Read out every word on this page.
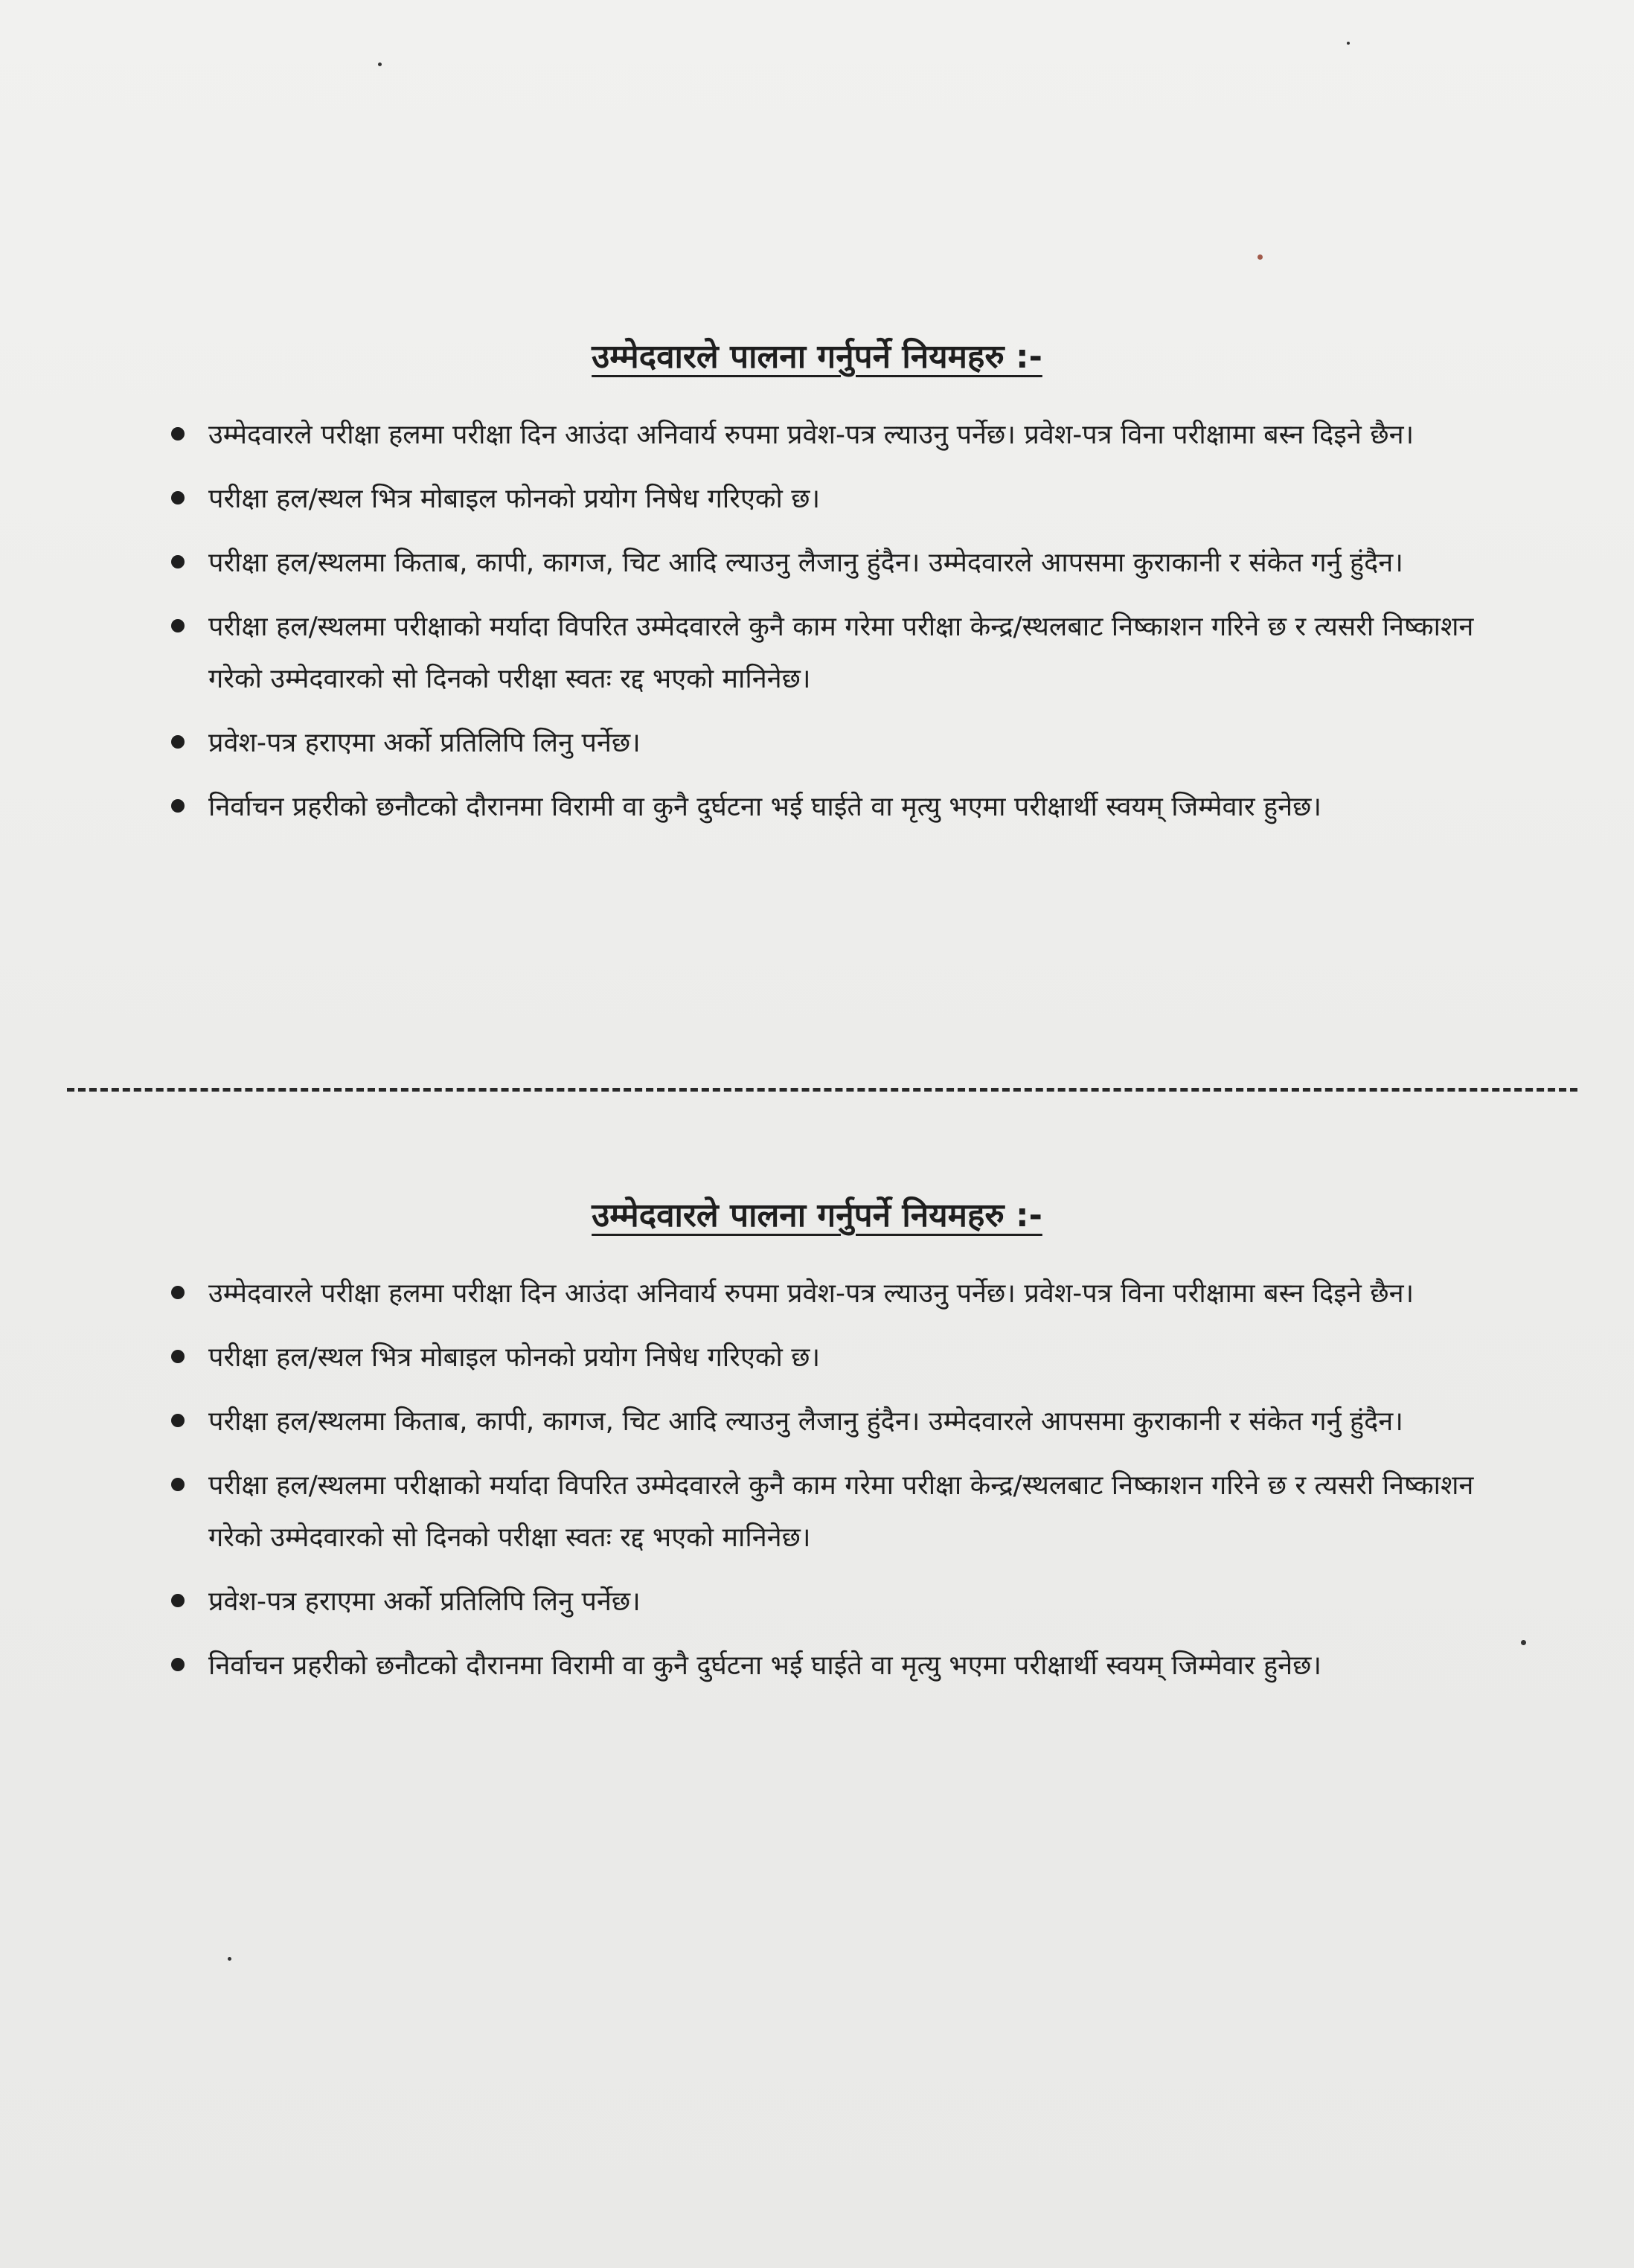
उम्मेदवारले पालना गर्नुपर्ने नियमहरु :-
उम्मेदवारले परीक्षा हलमा परीक्षा दिन आउंदा अनिवार्य रुपमा प्रवेश-पत्र ल्याउनु पर्नेछ। प्रवेश-पत्र विना परीक्षामा बस्न दिइने छैन।
परीक्षा हल/स्थल भित्र मोबाइल फोनको प्रयोग निषेध गरिएको छ।
परीक्षा हल/स्थलमा किताब, कापी, कागज, चिट आदि ल्याउनु लैजानु हुंदैन। उम्मेदवारले आपसमा कुराकानी र संकेत गर्नु हुंदैन।
परीक्षा हल/स्थलमा परीक्षाको मर्यादा विपरित उम्मेदवारले कुनै काम गरेमा परीक्षा केन्द्र/स्थलबाट निष्काशन गरिने छ र त्यसरी निष्काशन गरेको उम्मेदवारको सो दिनको परीक्षा स्वतः रद्द भएको मानिनेछ।
प्रवेश-पत्र हराएमा अर्को प्रतिलिपि लिनु पर्नेछ।
निर्वाचन प्रहरीको छनौटको दौरानमा विरामी वा कुनै दुर्घटना भई घाईते वा मृत्यु भएमा परीक्षार्थी स्वयम् जिम्मेवार हुनेछ।
उम्मेदवारले पालना गर्नुपर्ने नियमहरु :-
उम्मेदवारले परीक्षा हलमा परीक्षा दिन आउंदा अनिवार्य रुपमा प्रवेश-पत्र ल्याउनु पर्नेछ। प्रवेश-पत्र विना परीक्षामा बस्न दिइने छैन।
परीक्षा हल/स्थल भित्र मोबाइल फोनको प्रयोग निषेध गरिएको छ।
परीक्षा हल/स्थलमा किताब, कापी, कागज, चिट आदि ल्याउनु लैजानु हुंदैन। उम्मेदवारले आपसमा कुराकानी र संकेत गर्नु हुंदैन।
परीक्षा हल/स्थलमा परीक्षाको मर्यादा विपरित उम्मेदवारले कुनै काम गरेमा परीक्षा केन्द्र/स्थलबाट निष्काशन गरिने छ र त्यसरी निष्काशन गरेको उम्मेदवारको सो दिनको परीक्षा स्वतः रद्द भएको मानिनेछ।
प्रवेश-पत्र हराएमा अर्को प्रतिलिपि लिनु पर्नेछ।
निर्वाचन प्रहरीको छनौटको दौरानमा विरामी वा कुनै दुर्घटना भई घाईते वा मृत्यु भएमा परीक्षार्थी स्वयम् जिम्मेवार हुनेछ।
